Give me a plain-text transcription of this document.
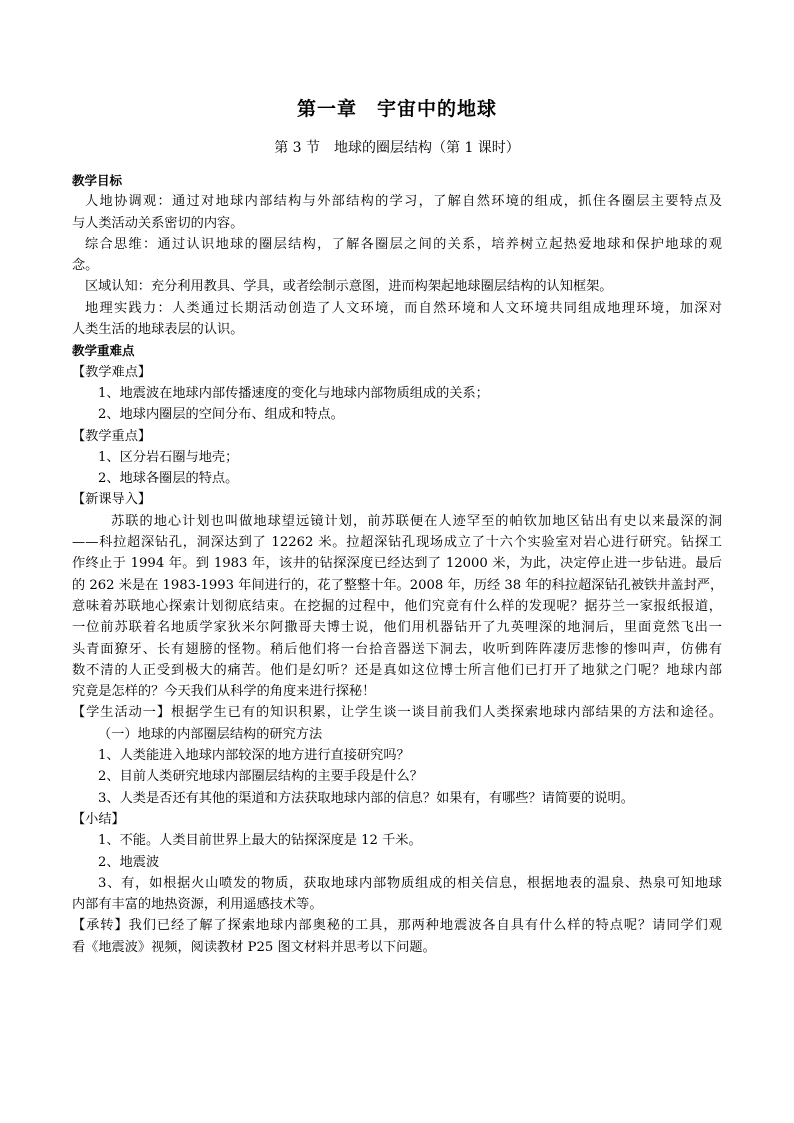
第一章　宇宙中的地球
第 3 节　地球的圈层结构（第 1 课时）
教学目标
人地协调观：通过对地球内部结构与外部结构的学习，了解自然环境的组成，抓住各圈层主要特点及
与人类活动关系密切的内容。
综合思维：通过认识地球的圈层结构，了解各圈层之间的关系，培养树立起热爱地球和保护地球的观
念。
区域认知：充分利用教具、学具，或者绘制示意图，进而构架起地球圈层结构的认知框架。
地理实践力：人类通过长期活动创造了人文环境，而自然环境和人文环境共同组成地理环境，加深对
人类生活的地球表层的认识。
教学重难点
【教学难点】
1、地震波在地球内部传播速度的变化与地球内部物质组成的关系；
2、地球内圈层的空间分布、组成和特点。
【教学重点】
1、区分岩石圈与地壳；
2、地球各圈层的特点。
【新课导入】
苏联的地心计划也叫做地球望远镜计划，前苏联便在人迹罕至的帕钦加地区钻出有史以来最深的洞
——科拉超深钻孔，洞深达到了 12262 米。拉超深钻孔现场成立了十六个实验室对岩心进行研究。钻探工
作终止于 1994 年。到 1983 年，该井的钻探深度已经达到了 12000 米，为此，决定停止进一步钻进。最后
的 262 米是在 1983-1993 年间进行的，花了整整十年。2008 年，历经 38 年的科拉超深钻孔被铁井盖封严，
意味着苏联地心探索计划彻底结束。在挖掘的过程中，他们究竟有什么样的发现呢？据芬兰一家报纸报道，
一位前苏联着名地质学家狄米尔阿撒哥夫博士说，他们用机器钻开了九英哩深的地洞后，里面竟然飞出一
头青面獠牙、长有翅膀的怪物。稍后他们将一台拾音器送下洞去，收听到阵阵凄厉悲惨的惨叫声，仿佛有
数不清的人正受到极大的痛苦。他们是幻听？还是真如这位博士所言他们已打开了地狱之门呢？地球内部
究竟是怎样的？今天我们从科学的角度来进行探秘！
【学生活动一】根据学生已有的知识积累，让学生谈一谈目前我们人类探索地球内部结果的方法和途径。
（一）地球的内部圈层结构的研究方法
1、人类能进入地球内部较深的地方进行直接研究吗？
2、目前人类研究地球内部圈层结构的主要手段是什么？
3、人类是否还有其他的渠道和方法获取地球内部的信息？如果有，有哪些？请简要的说明。
【小结】
1、不能。人类目前世界上最大的钻探深度是 12 千米。
2、地震波
3、有，如根据火山喷发的物质，获取地球内部物质组成的相关信息，根据地表的温泉、热泉可知地球
内部有丰富的地热资源，利用遥感技术等。
【承转】我们已经了解了探索地球内部奥秘的工具，那两种地震波各自具有什么样的特点呢？请同学们观
看《地震波》视频，阅读教材 P25 图文材料并思考以下问题。
